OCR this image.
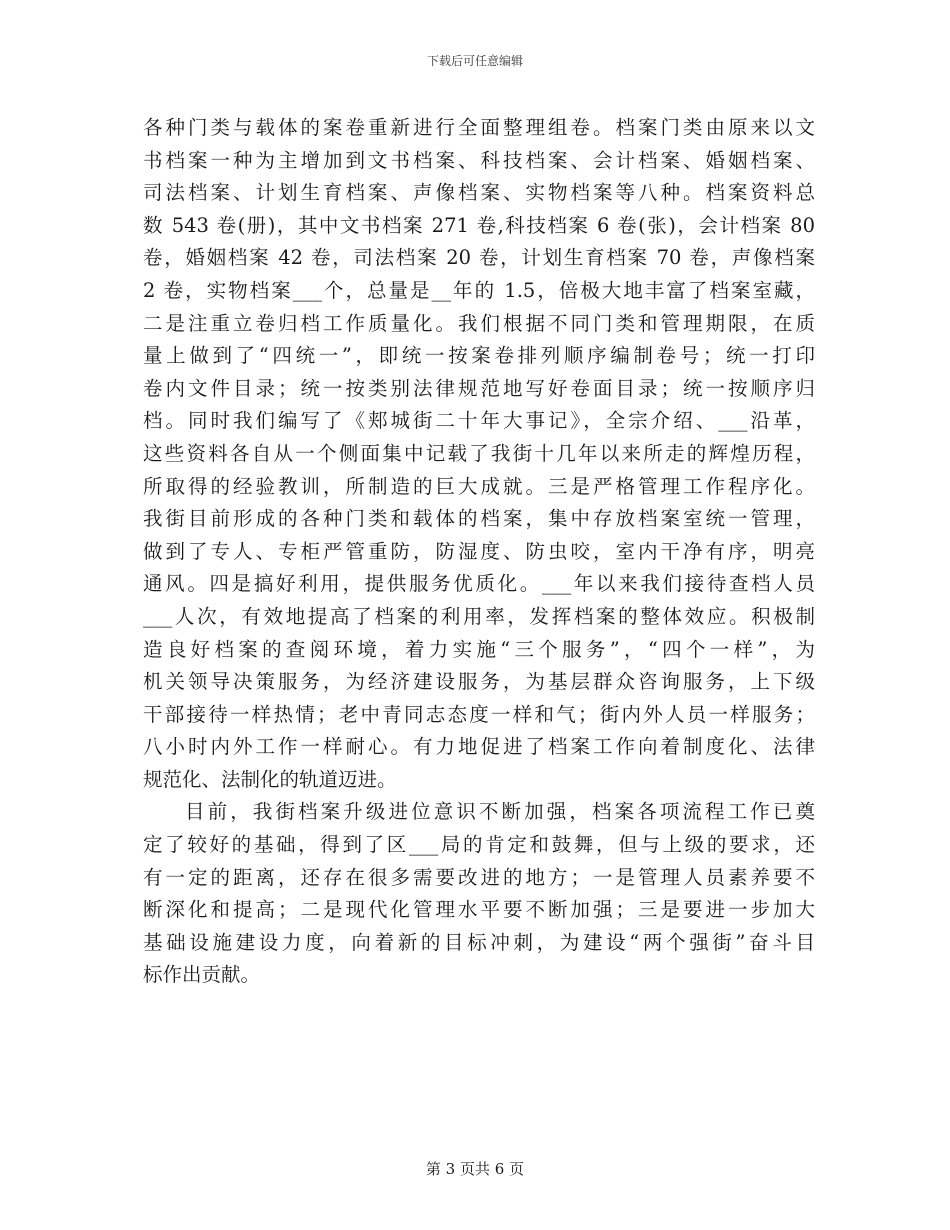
下载后可任意编辑
各种门类与载体的案卷重新进行全面整理组卷。档案门类由原来以文
书档案一种为主增加到文书档案、科技档案、会计档案、婚姻档案、
司法档案、计划生育档案、声像档案、实物档案等八种。档案资料总
数 543 卷(册)，其中文书档案 271 卷,科技档案 6 卷(张)，会计档案 80
卷，婚姻档案 42 卷，司法档案 20 卷，计划生育档案 70 卷，声像档案
2 卷，实物档案___个，总量是__年的 1.5，倍极大地丰富了档案室藏，
二是注重立卷归档工作质量化。我们根据不同门类和管理期限，在质
量上做到了“四统一”，即统一按案卷排列顺序编制卷号；统一打印
卷内文件目录；统一按类别法律规范地写好卷面目录；统一按顺序归
档。同时我们编写了《郏城街二十年大事记》，全宗介绍、___沿革，
这些资料各自从一个侧面集中记载了我街十几年以来所走的辉煌历程，
所取得的经验教训，所制造的巨大成就。三是严格管理工作程序化。
我街目前形成的各种门类和载体的档案，集中存放档案室统一管理，
做到了专人、专柜严管重防，防湿度、防虫咬，室内干净有序，明亮
通风。四是搞好利用，提供服务优质化。___年以来我们接待查档人员
___人次，有效地提高了档案的利用率，发挥档案的整体效应。积极制
造良好档案的查阅环境，着力实施“三个服务”，“四个一样”，为
机关领导决策服务，为经济建设服务，为基层群众咨询服务，上下级
干部接待一样热情；老中青同志态度一样和气；街内外人员一样服务；
八小时内外工作一样耐心。有力地促进了档案工作向着制度化、法律
规范化、法制化的轨道迈进。
目前，我街档案升级进位意识不断加强，档案各项流程工作已奠
定了较好的基础，得到了区___局的肯定和鼓舞，但与上级的要求，还
有一定的距离，还存在很多需要改进的地方；一是管理人员素养要不
断深化和提高；二是现代化管理水平要不断加强；三是要进一步加大
基础设施建设力度，向着新的目标冲刺，为建设“两个强街”奋斗目
标作出贡献。
第 3 页共 6 页
